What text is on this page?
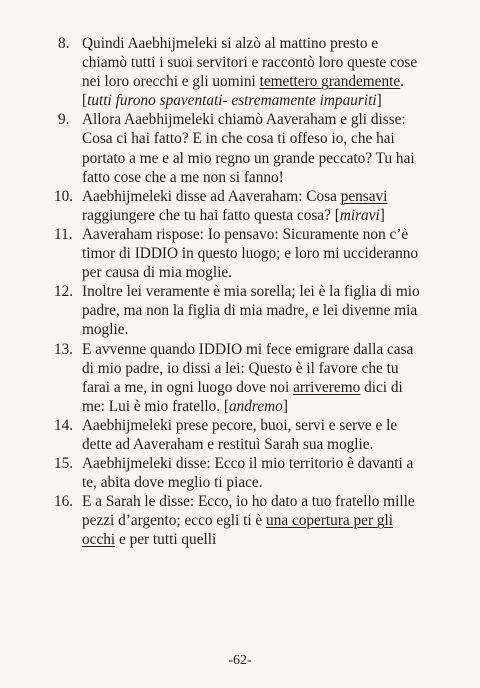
8. Quindi Aaebhijmeleki si alzò al mattino presto e chiamò tutti i suoi servitori e raccontò loro queste cose nei loro orecchi e gli uomini temettero grandemente. [tutti furono spaventati- estremamente impauriti]
9. Allora Aaebhijmeleki chiamò Aaveraham e gli disse: Cosa ci hai fatto? E in che cosa ti offeso io, che hai portato a me e al mio regno un grande peccato? Tu hai fatto cose che a me non si fanno!
10. Aaebhijmeleki disse ad Aaveraham: Cosa pensavi raggiungere che tu hai fatto questa cosa? [miravi]
11. Aaveraham rispose: Io pensavo: Sicuramente non c’è timor di IDDIO in questo luogo; e loro mi uccideranno per causa di mia moglie.
12. Inoltre lei veramente è mia sorella; lei è la figlia di mio padre, ma non la figlia di mia madre, e lei divenne mia moglie.
13. E avvenne quando IDDIO mi fece emigrare dalla casa di mio padre, io dissi a lei: Questo è il favore che tu farai a me, in ogni luogo dove noi arriveremo dici di me: Lui è mio fratello. [andremo]
14. Aaebhijmeleki prese pecore, buoi, servi e serve e le dette ad Aaveraham e restituì Sarah sua moglie.
15. Aaebhijmeleki disse: Ecco il mio territorio è davanti a te, abita dove meglio ti piace.
16. E a Sarah le disse: Ecco, io ho dato a tuo fratello mille pezzi d’argento; ecco egli ti è una copertura per gli occhi e per tutti quelli
-62-
